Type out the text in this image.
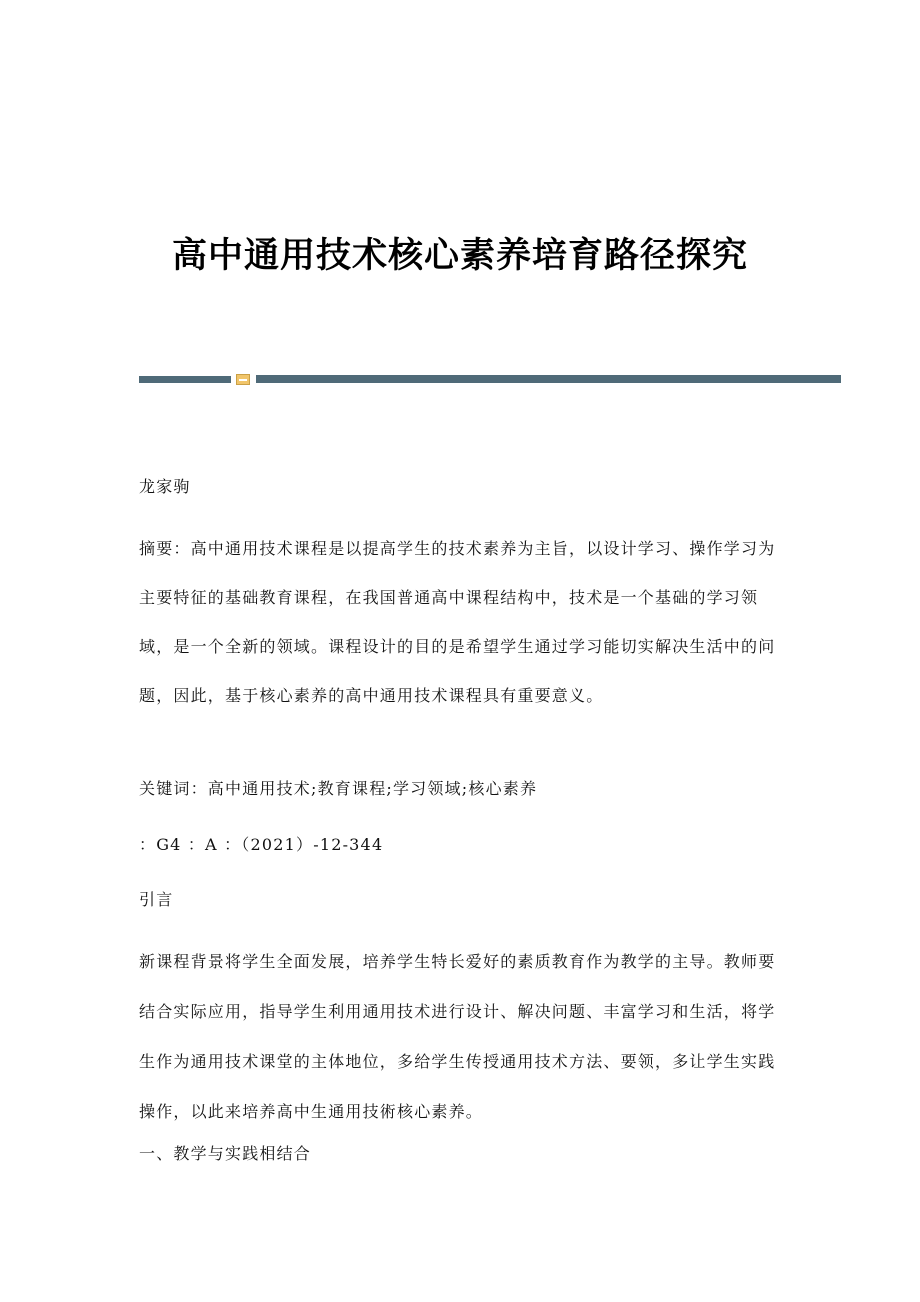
高中通用技术核心素养培育路径探究

龙家驹

摘要：高中通用技术课程是以提高学生的技术素养为主旨，以设计学习、操作学习为主要特征的基础教育课程，在我国普通高中课程结构中，技术是一个基础的学习领域，是一个全新的领域。课程设计的目的是希望学生通过学习能切实解决生活中的问题，因此，基于核心素养的高中通用技术课程具有重要意义。

关键词：高中通用技术;教育课程;学习领域;核心素养

：G4 ：A ：（2021）-12-344

引言

新课程背景将学生全面发展，培养学生特长爱好的素质教育作为教学的主导。教师要结合实际应用，指导学生利用通用技术进行设计、解决问题、丰富学习和生活，将学生作为通用技术课堂的主体地位，多给学生传授通用技术方法、要领，多让学生实践操作，以此来培养高中生通用技術核心素养。

一、教学与实践相结合
